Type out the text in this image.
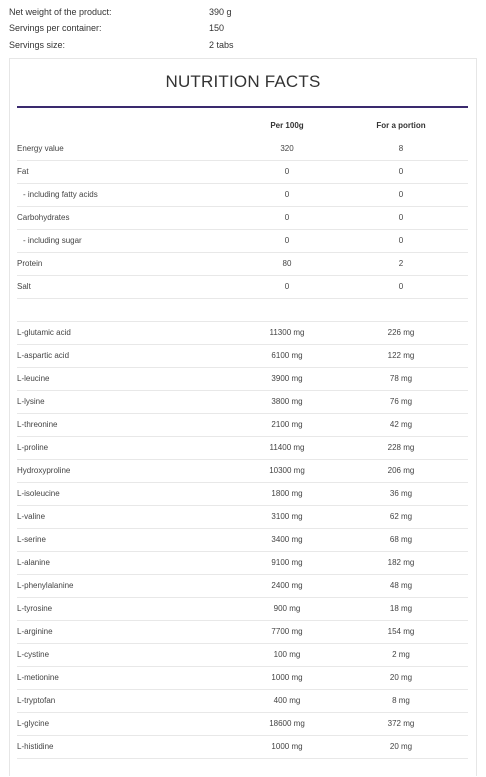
Net weight of the product:	390 g
Servings per container:	150
Servings size:	2 tabs
NUTRITION FACTS
Per 100g	For a portion
Energy value	320	8
Fat	0	0
- including fatty acids	0	0
Carbohydrates	0	0
- including sugar	0	0
Protein	80	2
Salt	0	0
L-glutamic acid	11300 mg	226 mg
L-aspartic acid	6100 mg	122 mg
L-leucine	3900 mg	78 mg
L-lysine	3800 mg	76 mg
L-threonine	2100 mg	42 mg
L-proline	11400 mg	228 mg
Hydroxyproline	10300 mg	206 mg
L-isoleucine	1800 mg	36 mg
L-valine	3100 mg	62 mg
L-serine	3400 mg	68 mg
L-alanine	9100 mg	182 mg
L-phenylalanine	2400 mg	48 mg
L-tyrosine	900 mg	18 mg
L-arginine	7700 mg	154 mg
L-cystine	100 mg	2 mg
L-metionine	1000 mg	20 mg
L-tryptofan	400 mg	8 mg
L-glycine	18600 mg	372 mg
L-histidine	1000 mg	20 mg
